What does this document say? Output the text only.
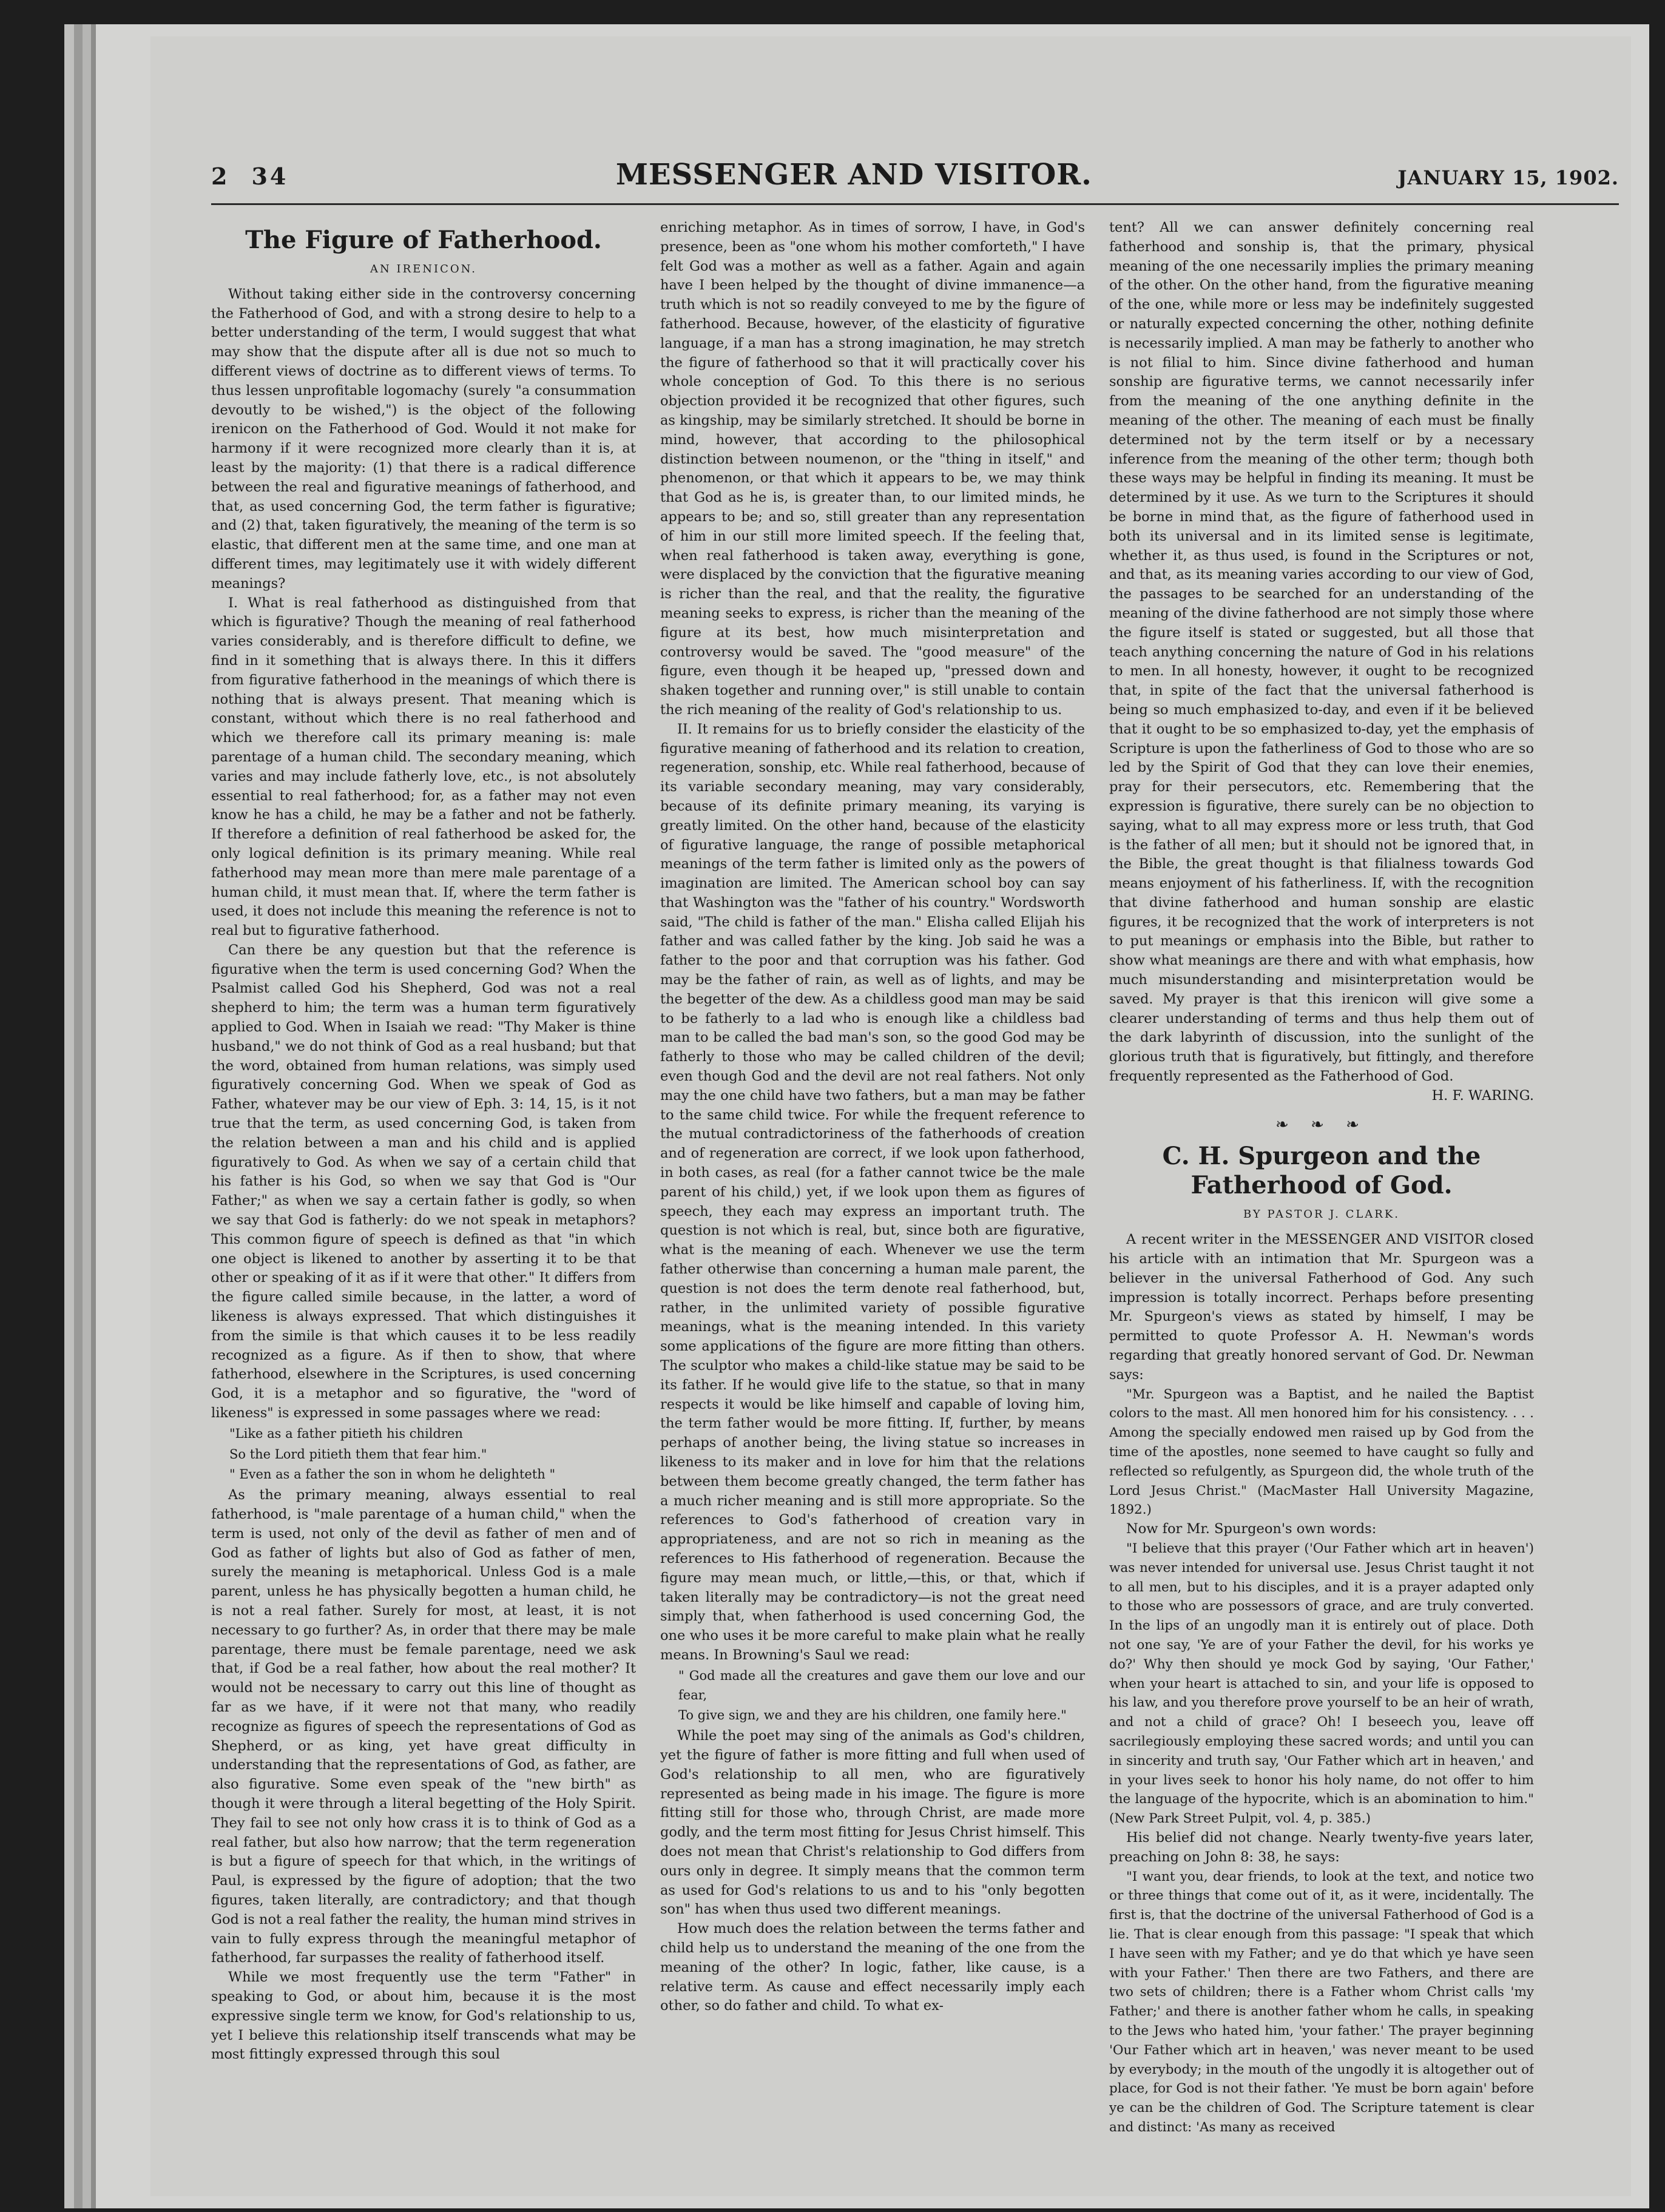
2 34	MESSENGER AND VISITOR.	JANUARY 15, 1902.
The Figure of Fatherhood.
AN IRENICON.

Without taking either side in the controversy concerning the Fatherhood of God, and with a strong desire to help to a better understanding of the term, I would suggest that what may show that the dispute after all is due not so much to different views of doctrine as to different views of terms. To thus lessen unprofitable logomachy (surely "a consummation devoutly to be wished,") is the object of the following irenicon on the Fatherhood of God. Would it not make for harmony if it were recognized more clearly than it is, at least by the majority: (1) that there is a radical difference between the real and figurative meanings of fatherhood, and that, as used concerning God, the term father is figurative; and (2) that, taken figuratively, the meaning of the term is so elastic, that different men at the same time, and one man at different times, may legitimately use it with widely different meanings?

I. What is real fatherhood as distinguished from that which is figurative? Though the meaning of real fatherhood varies considerably, and is therefore difficult to define, we find in it something that is always there. In this it differs from figurative fatherhood in the meanings of which there is nothing that is always present. That meaning which is constant, without which there is no real fatherhood and which we therefore call its primary meaning is: male parentage of a human child. The secondary meaning, which varies and may include fatherly love, etc., is not absolutely essential to real fatherhood; for, as a father may not even know he has a child, he may be a father and not be fatherly. If therefore a definition of real fatherhood be asked for, the only logical definition is its primary meaning. While real fatherhood may mean more than mere male parentage of a human child, it must mean that. If, where the term father is used, it does not include this meaning the reference is not to real but to figurative fatherhood.

Can there be any question but that the reference is figurative when the term is used concerning God? When the Psalmist called God his Shepherd, God was not a real shepherd to him; the term was a human term figuratively applied to God. When in Isaiah we read: "Thy Maker is thine husband," we do not think of God as a real husband; but that the word, obtained from human relations, was simply used figuratively concerning God. When we speak of God as Father, whatever may be our view of Eph. 3: 14, 15, is it not true that the term, as used concerning God, is taken from the relation between a man and his child and is applied figuratively to God. As when we say of a certain child that his father is his God, so when we say that God is "Our Father;" as when we say a certain father is godly, so when we say that God is fatherly: do we not speak in metaphors? This common figure of speech is defined as that "in which one object is likened to another by asserting it to be that other or speaking of it as if it were that other." It differs from the figure called simile because, in the latter, a word of likeness is always expressed. That which distinguishes it from the simile is that which causes it to be less readily recognized as a figure. As if then to show, that where fatherhood, elsewhere in the Scriptures, is used concerning God, it is a metaphor and so figurative, the "word of likeness" is expressed in some passages where we read:

"Like as a father pitieth his children

So the Lord pitieth them that fear him."

" Even as a father the son in whom he delighteth "

As the primary meaning, always essential to real fatherhood, is "male parentage of a human child," when the term is used, not only of the devil as father of men and of God as father of lights but also of God as father of men, surely the meaning is metaphorical. Unless God is a male parent, unless he has physically begotten a human child, he is not a real father. Surely for most, at least, it is not necessary to go further? As, in order that there may be male parentage, there must be female parentage, need we ask that, if God be a real father, how about the real mother? It would not be necessary to carry out this line of thought as far as we have, if it were not that many, who readily recognize as figures of speech the representations of God as Shepherd, or as king, yet have great difficulty in understanding that the representations of God, as father, are also figurative. Some even speak of the "new birth" as though it were through a literal begetting of the Holy Spirit. They fail to see not only how crass it is to think of God as a real father, but also how narrow; that the term regeneration is but a figure of speech for that which, in the writings of Paul, is expressed by the figure of adoption; that the two figures, taken literally, are contradictory; and that though God is not a real father the reality, the human mind strives in vain to fully express through the meaningful metaphor of fatherhood, far surpasses the reality of fatherhood itself.

While we most frequently use the term "Father" in speaking to God, or about him, because it is the most expressive single term we know, for God's relationship to us, yet I believe this relationship itself transcends what may be most fittingly expressed through this soul

enriching metaphor. As in times of sorrow, I have, in God's presence, been as "one whom his mother comforteth," I have felt God was a mother as well as a father. Again and again have I been helped by the thought of divine immanence—a truth which is not so readily conveyed to me by the figure of fatherhood. Because, however, of the elasticity of figurative language, if a man has a strong imagination, he may stretch the figure of fatherhood so that it will practically cover his whole conception of God. To this there is no serious objection provided it be recognized that other figures, such as kingship, may be similarly stretched. It should be borne in mind, however, that according to the philosophical distinction between noumenon, or the "thing in itself," and phenomenon, or that which it appears to be, we may think that God as he is, is greater than, to our limited minds, he appears to be; and so, still greater than any representation of him in our still more limited speech. If the feeling that, when real fatherhood is taken away, everything is gone, were displaced by the conviction that the figurative meaning is richer than the real, and that the reality, the figurative meaning seeks to express, is richer than the meaning of the figure at its best, how much misinterpretation and controversy would be saved. The "good measure" of the figure, even though it be heaped up, "pressed down and shaken together and running over," is still unable to contain the rich meaning of the reality of God's relationship to us.

II. It remains for us to briefly consider the elasticity of the figurative meaning of fatherhood and its relation to creation, regeneration, sonship, etc. While real fatherhood, because of its variable secondary meaning, may vary considerably, because of its definite primary meaning, its varying is greatly limited. On the other hand, because of the elasticity of figurative language, the range of possible metaphorical meanings of the term father is limited only as the powers of imagination are limited. The American school boy can say that Washington was the "father of his country." Wordsworth said, "The child is father of the man." Elisha called Elijah his father and was called father by the king. Job said he was a father to the poor and that corruption was his father. God may be the father of rain, as well as of lights, and may be the begetter of the dew. As a childless good man may be said to be fatherly to a lad who is enough like a childless bad man to be called the bad man's son, so the good God may be fatherly to those who may be called children of the devil; even though God and the devil are not real fathers. Not only may the one child have two fathers, but a man may be father to the same child twice. For while the frequent reference to the mutual contradictoriness of the fatherhoods of creation and of regeneration are correct, if we look upon fatherhood, in both cases, as real (for a father cannot twice be the male parent of his child,) yet, if we look upon them as figures of speech, they each may express an important truth. The question is not which is real, but, since both are figurative, what is the meaning of each. Whenever we use the term father otherwise than concerning a human male parent, the question is not does the term denote real fatherhood, but, rather, in the unlimited variety of possible figurative meanings, what is the meaning intended. In this variety some applications of the figure are more fitting than others. The sculptor who makes a child-like statue may be said to be its father. If he would give life to the statue, so that in many respects it would be like himself and capable of loving him, the term father would be more fitting. If, further, by means perhaps of another being, the living statue so increases in likeness to its maker and in love for him that the relations between them become greatly changed, the term father has a much richer meaning and is still more appropriate. So the references to God's fatherhood of creation vary in appropriateness, and are not so rich in meaning as the references to His fatherhood of regeneration. Because the figure may mean much, or little,—this, or that, which if taken literally may be contradictory—is not the great need simply that, when fatherhood is used concerning God, the one who uses it be more careful to make plain what he really means. In Browning's Saul we read:

" God made all the creatures and gave them our love and our fear,

To give sign, we and they are his children, one family here."

While the poet may sing of the animals as God's children, yet the figure of father is more fitting and full when used of God's relationship to all men, who are figuratively represented as being made in his image. The figure is more fitting still for those who, through Christ, are made more godly, and the term most fitting for Jesus Christ himself. This does not mean that Christ's relationship to God differs from ours only in degree. It simply means that the common term as used for God's relations to us and to his "only begotten son" has when thus used two different meanings.

How much does the relation between the terms father and child help us to understand the meaning of the one from the meaning of the other? In logic, father, like cause, is a relative term. As cause and effect necessarily imply each other, so do father and child. To what ex-

tent? All we can answer definitely concerning real fatherhood and sonship is, that the primary, physical meaning of the one necessarily implies the primary meaning of the other. On the other hand, from the figurative meaning of the one, while more or less may be indefinitely suggested or naturally expected concerning the other, nothing definite is necessarily implied. A man may be fatherly to another who is not filial to him. Since divine fatherhood and human sonship are figurative terms, we cannot necessarily infer from the meaning of the one anything definite in the meaning of the other. The meaning of each must be finally determined not by the term itself or by a necessary inference from the meaning of the other term; though both these ways may be helpful in finding its meaning. It must be determined by it use. As we turn to the Scriptures it should be borne in mind that, as the figure of fatherhood used in both its universal and in its limited sense is legitimate, whether it, as thus used, is found in the Scriptures or not, and that, as its meaning varies according to our view of God, the passages to be searched for an understanding of the meaning of the divine fatherhood are not simply those where the figure itself is stated or suggested, but all those that teach anything concerning the nature of God in his relations to men. In all honesty, however, it ought to be recognized that, in spite of the fact that the universal fatherhood is being so much emphasized to-day, and even if it be believed that it ought to be so emphasized to-day, yet the emphasis of Scripture is upon the fatherliness of God to those who are so led by the Spirit of God that they can love their enemies, pray for their persecutors, etc. Remembering that the expression is figurative, there surely can be no objection to saying, what to all may express more or less truth, that God is the father of all men; but it should not be ignored that, in the Bible, the great thought is that filialness towards God means enjoyment of his fatherliness. If, with the recognition that divine fatherhood and human sonship are elastic figures, it be recognized that the work of interpreters is not to put meanings or emphasis into the Bible, but rather to show what meanings are there and with what emphasis, how much misunderstanding and misinterpretation would be saved. My prayer is that this irenicon will give some a clearer understanding of terms and thus help them out of the dark labyrinth of discussion, into the sunlight of the glorious truth that is figuratively, but fittingly, and therefore frequently represented as the Fatherhood of God.

H. F. WARING.

❧ ❧ ❧
C. H. Spurgeon and the Fatherhood of God.
BY PASTOR J. CLARK.

A recent writer in the MESSENGER AND VISITOR closed his article with an intimation that Mr. Spurgeon was a believer in the universal Fatherhood of God. Any such impression is totally incorrect. Perhaps before presenting Mr. Spurgeon's views as stated by himself, I may be permitted to quote Professor A. H. Newman's words regarding that greatly honored servant of God. Dr. Newman says:

"Mr. Spurgeon was a Baptist, and he nailed the Baptist colors to the mast. All men honored him for his consistency. . . . Among the specially endowed men raised up by God from the time of the apostles, none seemed to have caught so fully and reflected so refulgently, as Spurgeon did, the whole truth of the Lord Jesus Christ." (MacMaster Hall University Magazine, 1892.)

Now for Mr. Spurgeon's own words:

"I believe that this prayer ('Our Father which art in heaven') was never intended for universal use. Jesus Christ taught it not to all men, but to his disciples, and it is a prayer adapted only to those who are possessors of grace, and are truly converted. In the lips of an ungodly man it is entirely out of place. Doth not one say, 'Ye are of your Father the devil, for his works ye do?' Why then should ye mock God by saying, 'Our Father,' when your heart is attached to sin, and your life is opposed to his law, and you therefore prove yourself to be an heir of wrath, and not a child of grace? Oh! I beseech you, leave off sacrilegiously employing these sacred words; and until you can in sincerity and truth say, 'Our Father which art in heaven,' and in your lives seek to honor his holy name, do not offer to him the language of the hypocrite, which is an abomination to him." (New Park Street Pulpit, vol. 4, p. 385.)

His belief did not change. Nearly twenty-five years later, preaching on John 8: 38, he says:

"I want you, dear friends, to look at the text, and notice two or three things that come out of it, as it were, incidentally. The first is, that the doctrine of the universal Fatherhood of God is a lie. That is clear enough from this passage: "I speak that which I have seen with my Father; and ye do that which ye have seen with your Father.' Then there are two Fathers, and there are two sets of children; there is a Father whom Christ calls 'my Father;' and there is another father whom he calls, in speaking to the Jews who hated him, 'your father.' The prayer beginning 'Our Father which art in heaven,' was never meant to be used by everybody; in the mouth of the ungodly it is altogether out of place, for God is not their father. 'Ye must be born again' before ye can be the children of God. The Scripture tatement is clear and distinct: 'As many as received
